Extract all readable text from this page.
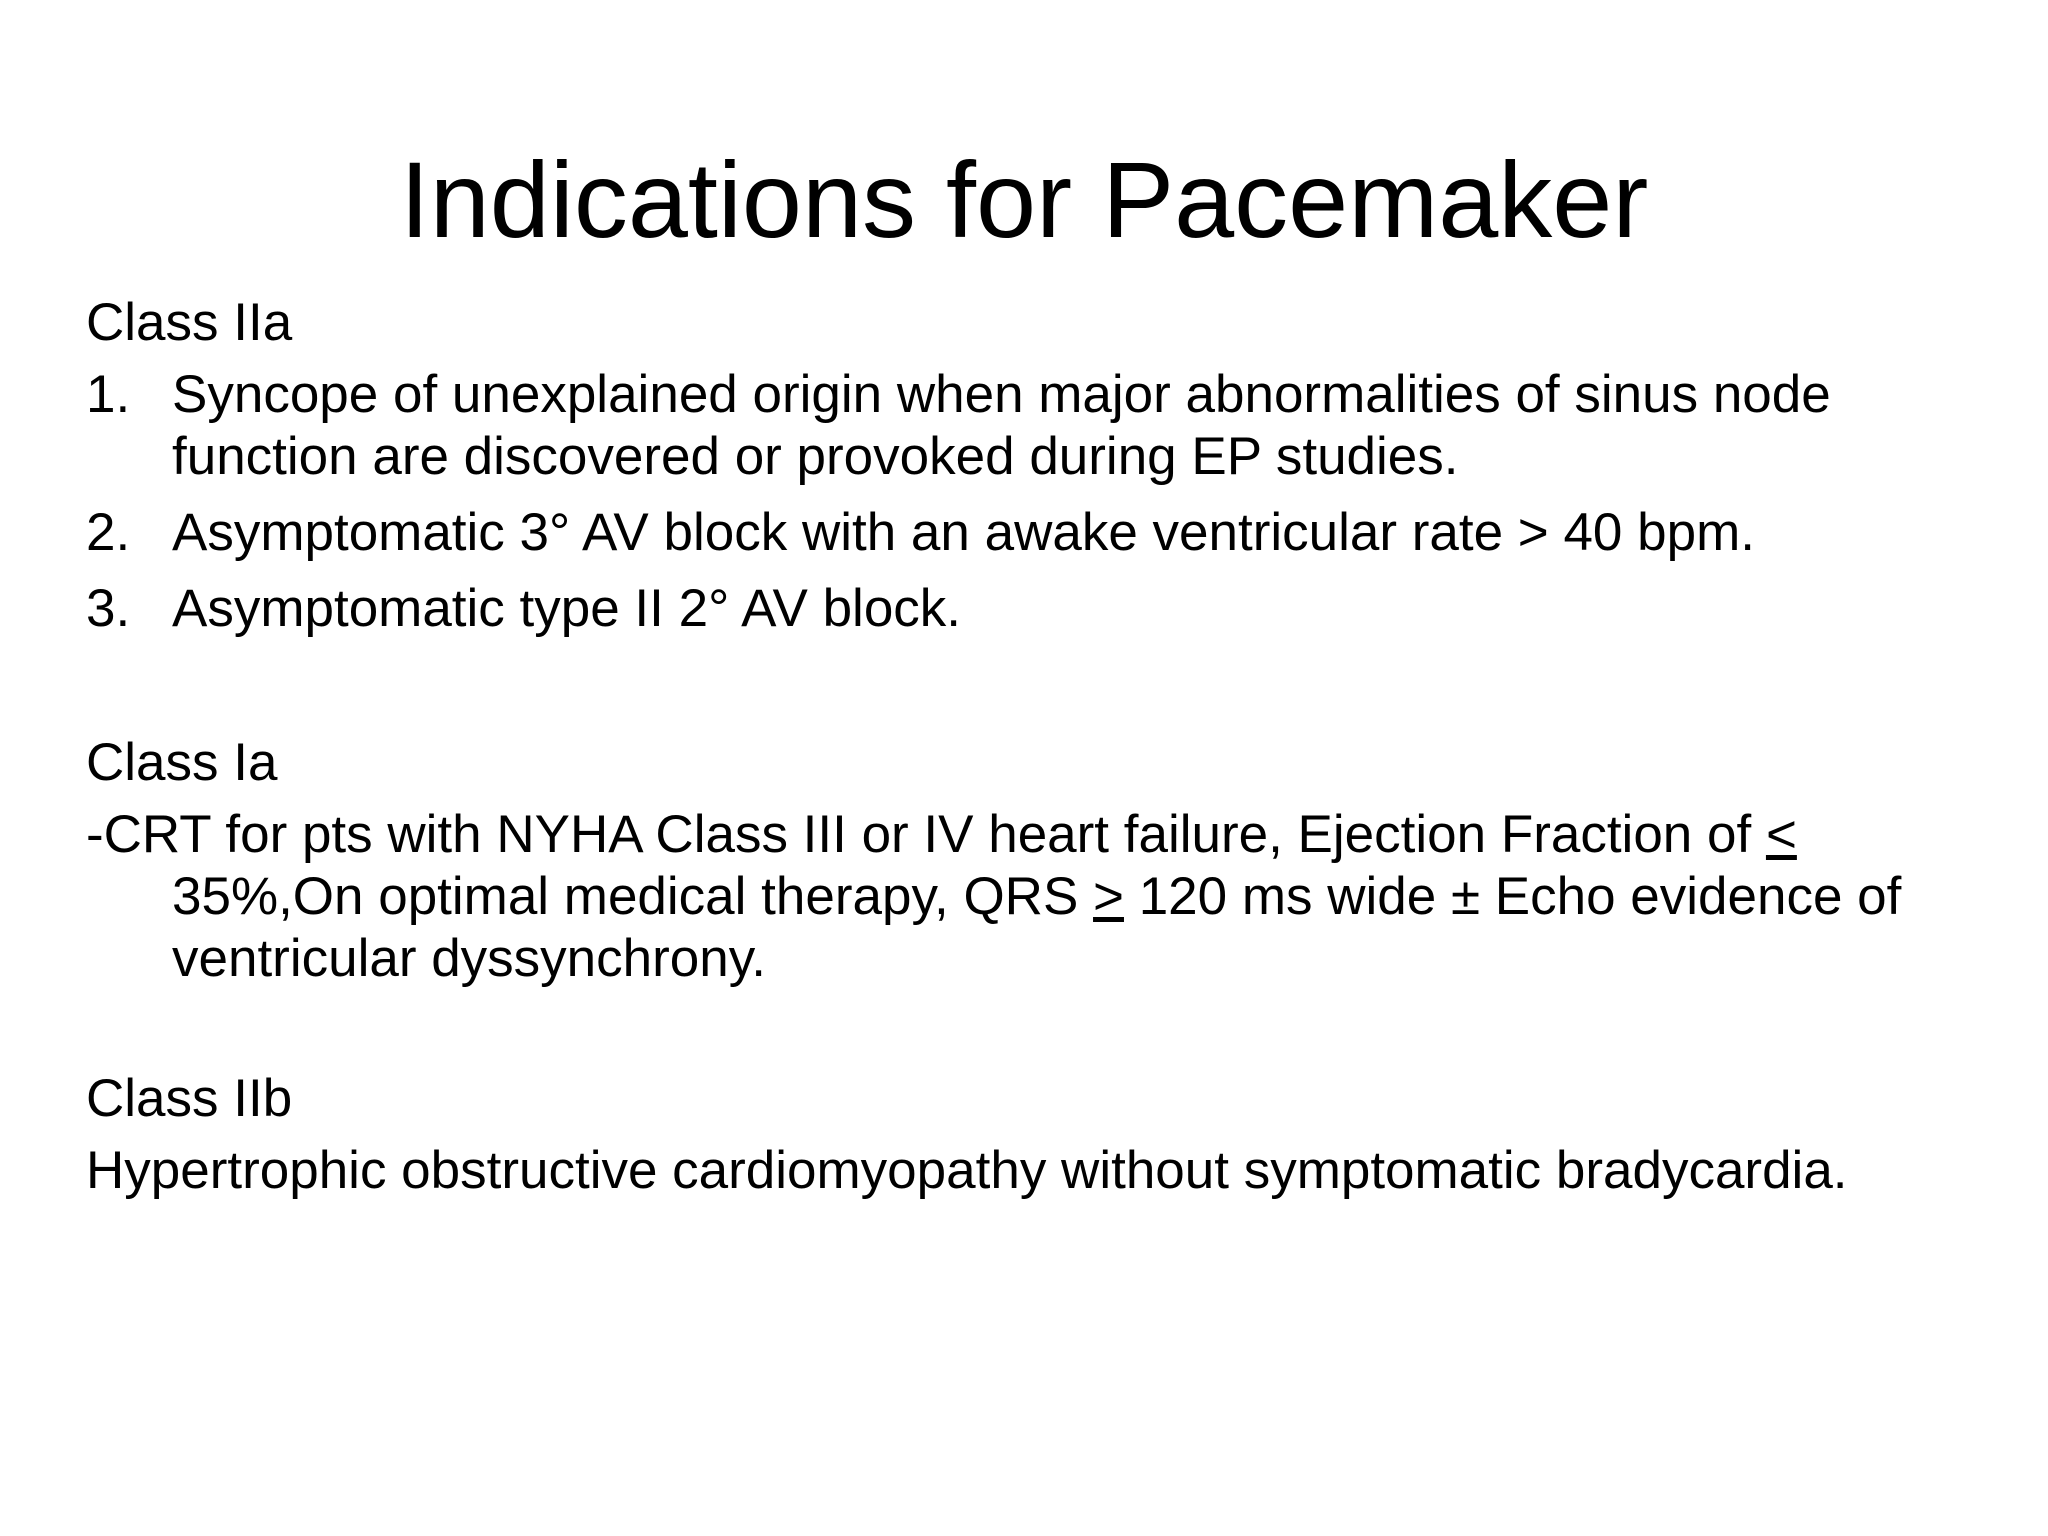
Indications for Pacemaker
Class IIa
1. Syncope of unexplained origin when major abnormalities of sinus node function are discovered or provoked during EP studies.
2. Asymptomatic 3° AV block with an awake ventricular rate > 40 bpm.
3. Asymptomatic type II 2° AV block.
Class Ia
-CRT for pts with NYHA Class III or IV heart failure, Ejection Fraction of < 35%,On optimal medical therapy, QRS > 120 ms wide ± Echo evidence of ventricular dyssynchrony.
Class IIb
Hypertrophic obstructive cardiomyopathy without symptomatic bradycardia.
